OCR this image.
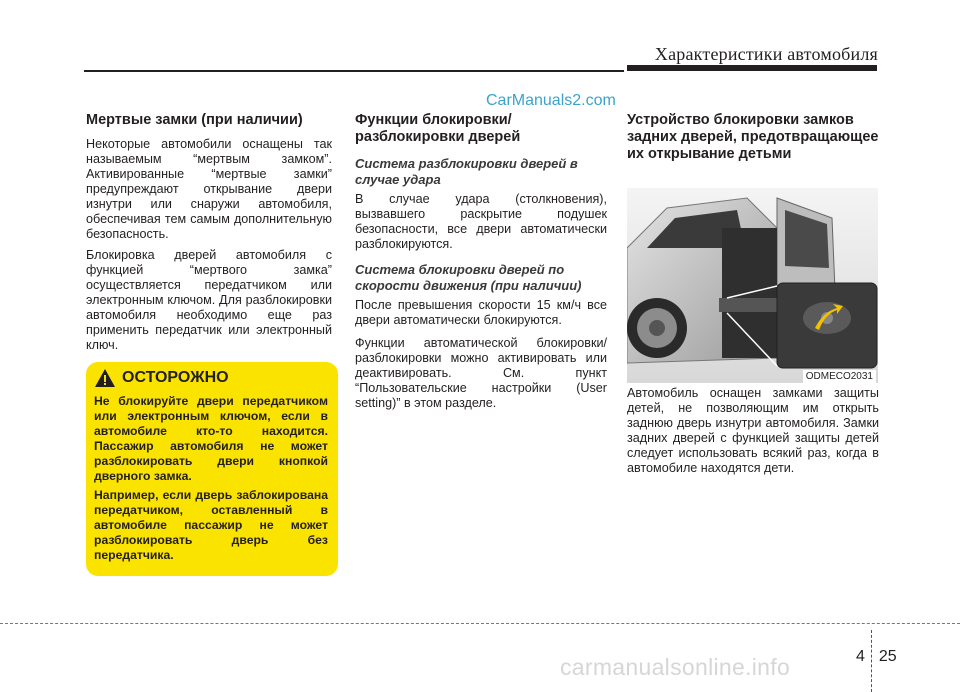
Характеристики автомобиля
CarManuals2.com
Мертвые замки (при наличии)

Некоторые автомобили оснащены так называемым “мертвым замком”. Активированные “мертвые замки” предупреждают открывание двери изнутри или снаружи автомобиля, обеспечивая тем самым дополнительную безопасность.

Блокировка дверей автомобиля с функцией “мертвого замка” осуществляется передатчиком или электронным ключом. Для разблокировки автомобиля необходимо еще раз применить передатчик или электронный ключ.

ОСТОРОЖНО

Не блокируйте двери передатчиком или электронным ключом, если в автомобиле кто-то находится. Пассажир автомобиля не может разблокировать двери кнопкой дверного замка.

Например, если дверь заблокирована передатчиком, оставленный в автомобиле пассажир не может разблокировать дверь без передатчика.

Функции блокировки/ разблокировки дверей
Система разблокировки дверей в случае удара

В случае удара (столкновения), вызвавшего раскрытие подушек безопасности, все двери автоматически разблокируются.

Система блокировки дверей по скорости движения (при наличии)

После превышения скорости 15 км/ч все двери автоматически блокируются.

Функции автоматической блокировки/разблокировки можно активировать или деактивировать. См. пункт “Пользовательские настройки (User setting)” в этом разделе.

Устройство блокировки замков задних дверей, предотвращающее их открывание детьми
ODMECO2031

Автомобиль оснащен замками защиты детей, не позволяющим им открыть заднюю дверь изнутри автомобиля. Замки задних дверей с функцией защиты детей следует использовать всякий раз, когда в автомобиле находятся дети.

4 25
carmanualsonline.info
